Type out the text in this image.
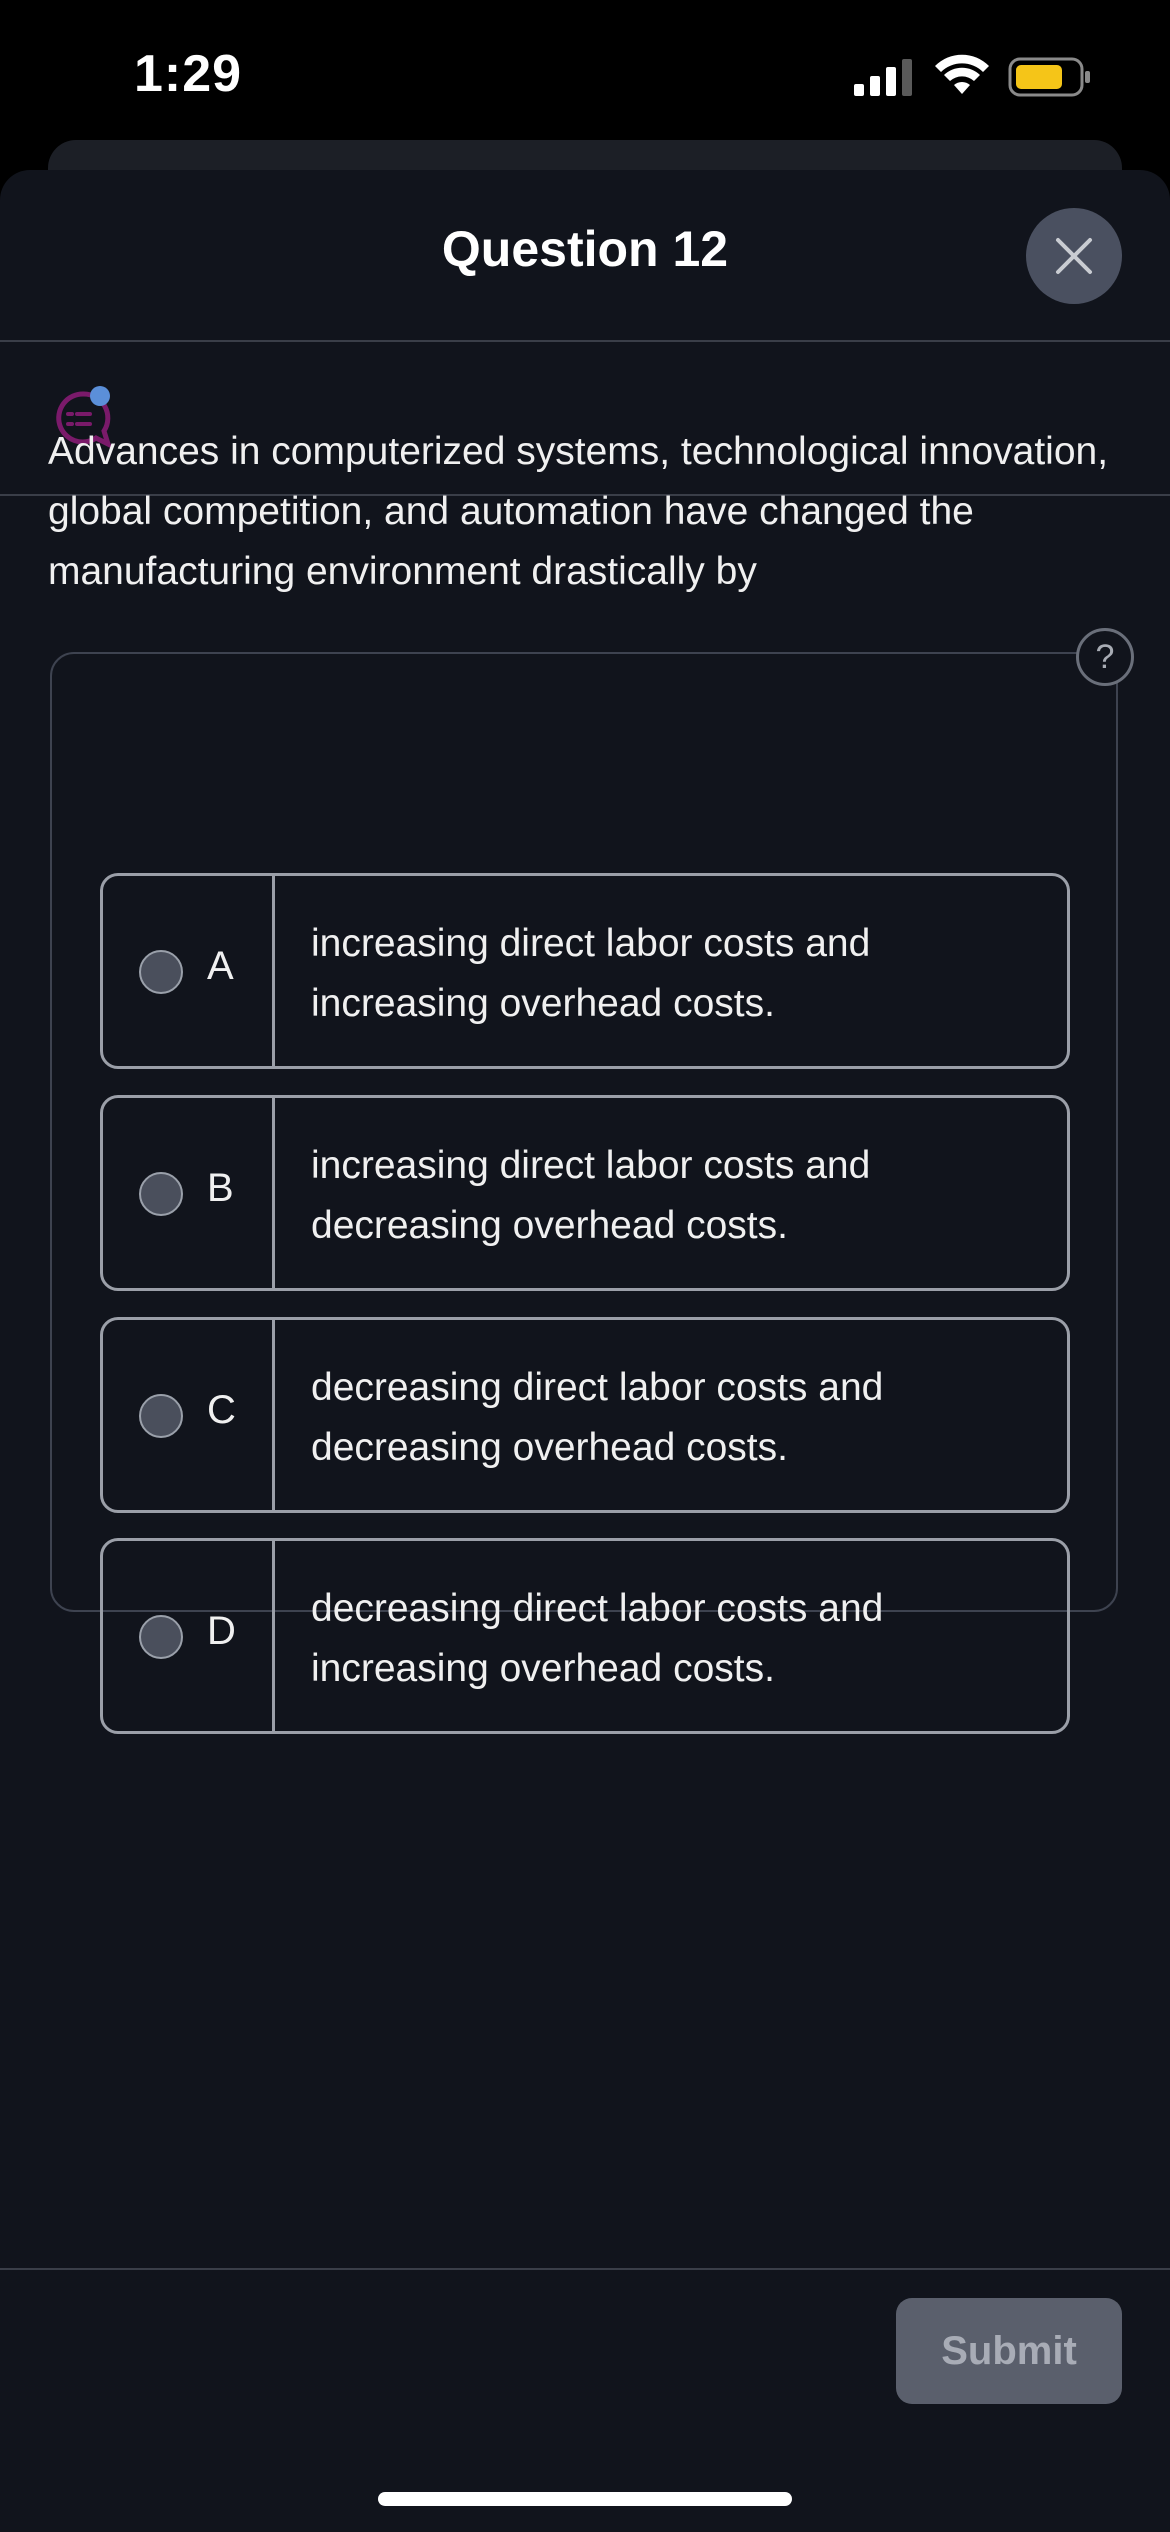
1:29
Question 12
Advances in computerized systems, technological innovation, global competition, and automation have changed the manufacturing environment drastically by
?
A
increasing direct labor costs and increasing overhead costs.
B
increasing direct labor costs and decreasing overhead costs.
C
decreasing direct labor costs and decreasing overhead costs.
D
decreasing direct labor costs and increasing overhead costs.
Submit
